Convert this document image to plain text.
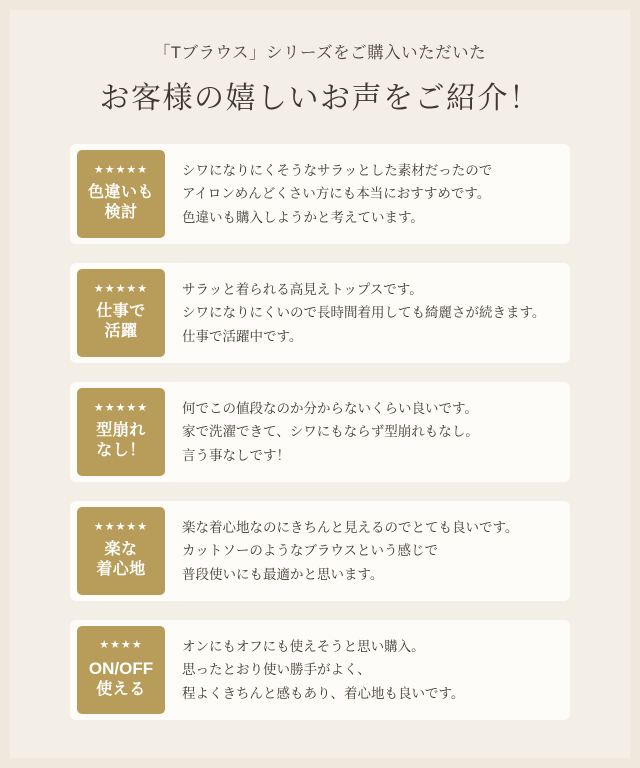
「Tブラウス」シリーズをご購入いただいた
お客様の嬉しいお声をご紹介！
★★★★★
色違いも
検討
シワになりにくそうなサラッとした素材だったので
アイロンめんどくさい方にも本当におすすめです。
色違いも購入しようかと考えています。
★★★★★
仕事で
活躍
サラッと着られる高見えトップスです。
シワになりにくいので長時間着用しても綺麗さが続きます。
仕事で活躍中です。
★★★★★
型崩れ
なし！
何でこの値段なのか分からないくらい良いです。
家で洗濯できて、シワにもならず型崩れもなし。
言う事なしです！
★★★★★
楽な
着心地
楽な着心地なのにきちんと見えるのでとても良いです。
カットソーのようなブラウスという感じで
普段使いにも最適かと思います。
★★★★
ON/OFF
使える
オンにもオフにも使えそうと思い購入。
思ったとおり使い勝手がよく、
程よくきちんと感もあり、着心地も良いです。
